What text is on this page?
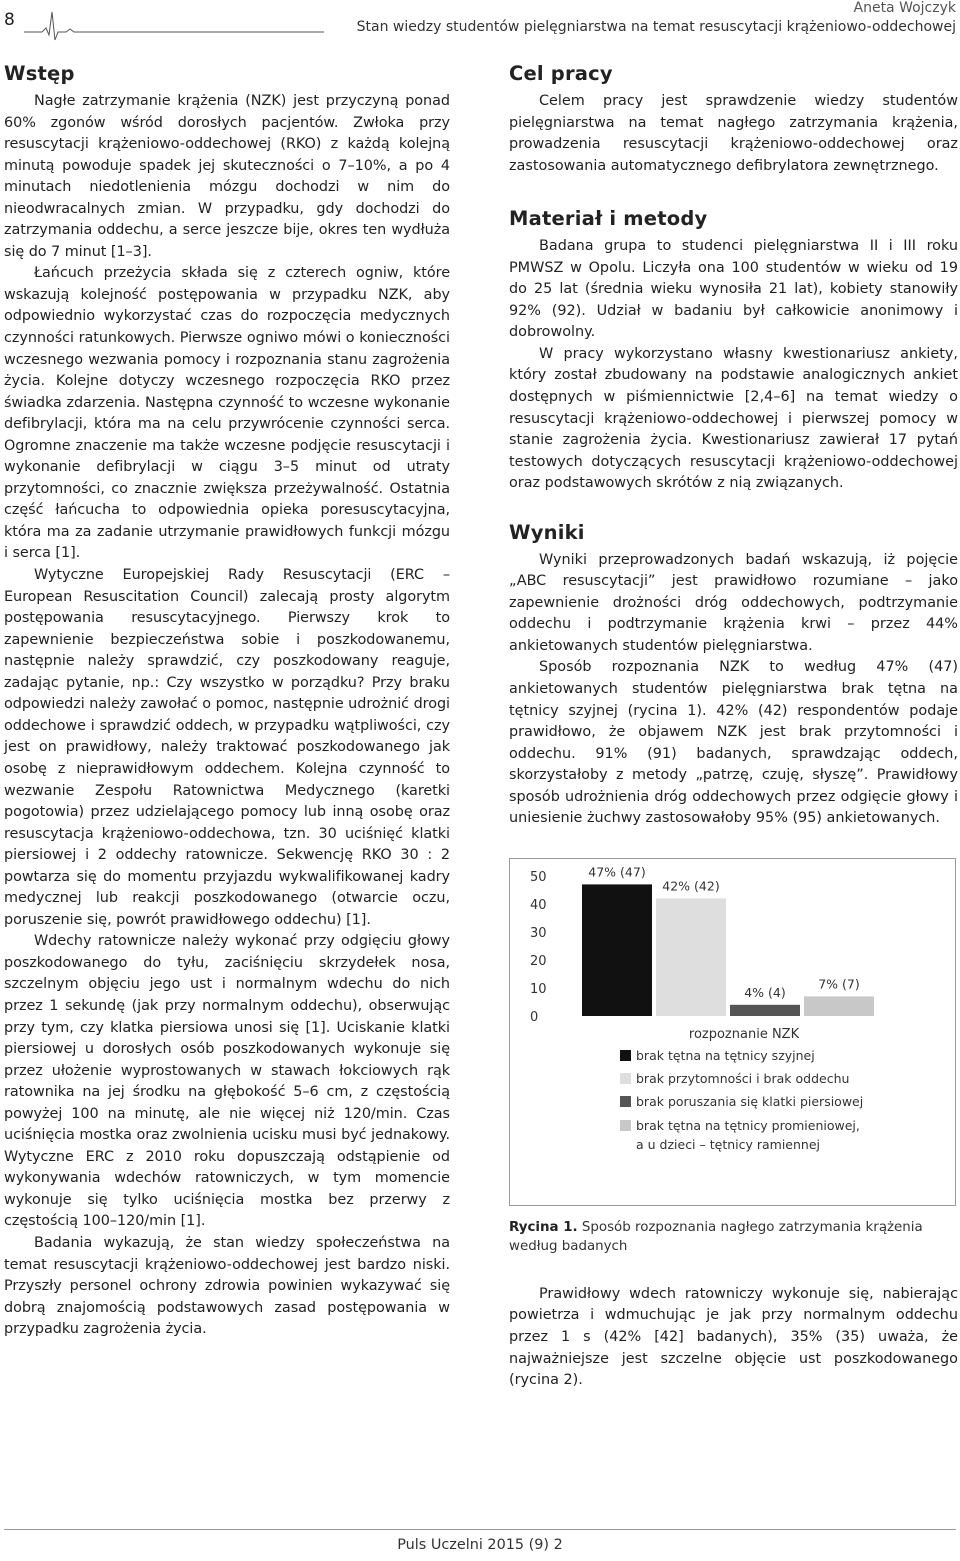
8
Aneta Wojczyk
Stan wiedzy studentów pielęgniarstwa na temat resuscytacji krążeniowo-oddechowej
Wstęp

Nagłe zatrzymanie krążenia (NZK) jest przyczyną ponad 60% zgonów wśród dorosłych pacjentów. Zwłoka przy resuscytacji krążeniowo-oddechowej (RKO) z każdą kolejną minutą powoduje spadek jej skuteczności o 7–10%, a po 4 minutach niedotlenienia mózgu dochodzi w nim do nieodwracalnych zmian. W przypadku, gdy dochodzi do zatrzymania oddechu, a serce jeszcze bije, okres ten wydłuża się do 7 minut [1–3].

Łańcuch przeżycia składa się z czterech ogniw, które wskazują kolejność postępowania w przypadku NZK, aby odpowiednio wykorzystać czas do rozpoczęcia medycznych czynności ratunkowych. Pierwsze ogniwo mówi o konieczności wczesnego wezwania pomocy i rozpoznania stanu zagrożenia życia. Kolejne dotyczy wczesnego rozpoczęcia RKO przez świadka zdarzenia. Następna czynność to wczesne wykonanie defibrylacji, która ma na celu przywrócenie czynności serca. Ogromne znaczenie ma także wczesne podjęcie resuscytacji i wykonanie defibrylacji w ciągu 3–5 minut od utraty przytomności, co znacznie zwiększa przeżywalność. Ostatnia część łańcucha to odpowiednia opieka poresuscytacyjna, która ma za zadanie utrzymanie prawidłowych funkcji mózgu i serca [1].

Wytyczne Europejskiej Rady Resuscytacji (ERC – European Resuscitation Council) zalecają prosty algorytm postępowania resuscytacyjnego. Pierwszy krok to zapewnienie bezpieczeństwa sobie i poszkodowanemu, następnie należy sprawdzić, czy poszkodowany reaguje, zadając pytanie, np.: Czy wszystko w porządku? Przy braku odpowiedzi należy zawołać o pomoc, następnie udrożnić drogi oddechowe i sprawdzić oddech, w przypadku wątpliwości, czy jest on prawidłowy, należy traktować poszkodowanego jak osobę z nieprawidłowym oddechem. Kolejna czynność to wezwanie Zespołu Ratownictwa Medycznego (karetki pogotowia) przez udzielającego pomocy lub inną osobę oraz resuscytacja krążeniowo-oddechowa, tzn. 30 uciśnięć klatki piersiowej i 2 oddechy ratownicze. Sekwencję RKO 30 : 2 powtarza się do momentu przyjazdu wykwalifikowanej kadry medycznej lub reakcji poszkodowanego (otwarcie oczu, poruszenie się, powrót prawidłowego oddechu) [1].

Wdechy ratownicze należy wykonać przy odgięciu głowy poszkodowanego do tyłu, zaciśnięciu skrzydełek nosa, szczelnym objęciu jego ust i normalnym wdechu do nich przez 1 sekundę (jak przy normalnym oddechu), obserwując przy tym, czy klatka piersiowa unosi się [1]. Uciskanie klatki piersiowej u dorosłych osób poszkodowanych wykonuje się przez ułożenie wyprostowanych w stawach łokciowych rąk ratownika na jej środku na głębokość 5–6 cm, z częstością powyżej 100 na minutę, ale nie więcej niż 120/min. Czas uciśnięcia mostka oraz zwolnienia ucisku musi być jednakowy. Wytyczne ERC z 2010 roku dopuszczają odstąpienie od wykonywania wdechów ratowniczych, w tym momencie wykonuje się tylko uciśnięcia mostka bez przerwy z częstością 100–120/min [1].

Badania wykazują, że stan wiedzy społeczeństwa na temat resuscytacji krążeniowo-oddechowej jest bardzo niski. Przyszły personel ochrony zdrowia powinien wykazywać się dobrą znajomością podstawowych zasad postępowania w przypadku zagrożenia życia.

Cel pracy

Celem pracy jest sprawdzenie wiedzy studentów pielęgniarstwa na temat nagłego zatrzymania krążenia, prowadzenia resuscytacji krążeniowo-oddechowej oraz zastosowania automatycznego defibrylatora zewnętrznego.

Materiał i metody

Badana grupa to studenci pielęgniarstwa II i III roku PMWSZ w Opolu. Liczyła ona 100 studentów w wieku od 19 do 25 lat (średnia wieku wynosiła 21 lat), kobiety stanowiły 92% (92). Udział w badaniu był całkowicie anonimowy i dobrowolny.

W pracy wykorzystano własny kwestionariusz ankiety, który został zbudowany na podstawie analogicznych ankiet dostępnych w piśmiennictwie [2,4–6] na temat wiedzy o resuscytacji krążeniowo-oddechowej i pierwszej pomocy w stanie zagrożenia życia. Kwestionariusz zawierał 17 pytań testowych dotyczących resuscytacji krążeniowo-oddechowej oraz podstawowych skrótów z nią związanych.

Wyniki

Wyniki przeprowadzonych badań wskazują, iż pojęcie „ABC resuscytacji” jest prawidłowo rozumiane – jako zapewnienie drożności dróg oddechowych, podtrzymanie oddechu i podtrzymanie krążenia krwi – przez 44% ankietowanych studentów pielęgniarstwa.

Sposób rozpoznania NZK to według 47% (47) ankietowanych studentów pielęgniarstwa brak tętna na tętnicy szyjnej (rycina 1). 42% (42) respondentów podaje prawidłowo, że objawem NZK jest brak przytomności i oddechu. 91% (91) badanych, sprawdzając oddech, skorzystałoby z metody „patrzę, czuję, słyszę”. Prawidłowy sposób udrożnienia dróg oddechowych przez odgięcie głowy i uniesienie żuchwy zastosowałoby 95% (95) ankietowanych.

0
10
20
30
40
50	47% (47)
42% (42)
4% (4)
7% (7)
rozpoznanie NZK
brak tętna na tętnicy szyjnej
brak przytomności i brak oddechu
brak poruszania się klatki piersiowej
brak tętna na tętnicy promieniowej, a u dzieci – tętnicy ramiennej
Rycina 1. Sposób rozpoznania nagłego zatrzymania krążenia według badanych

Prawidłowy wdech ratowniczy wykonuje się, nabierając powietrza i wdmuchując je jak przy normalnym oddechu przez 1 s (42% [42] badanych), 35% (35) uważa, że najważniejsze jest szczelne objęcie ust poszkodowanego (rycina 2).

Puls Uczelni 2015 (9) 2
